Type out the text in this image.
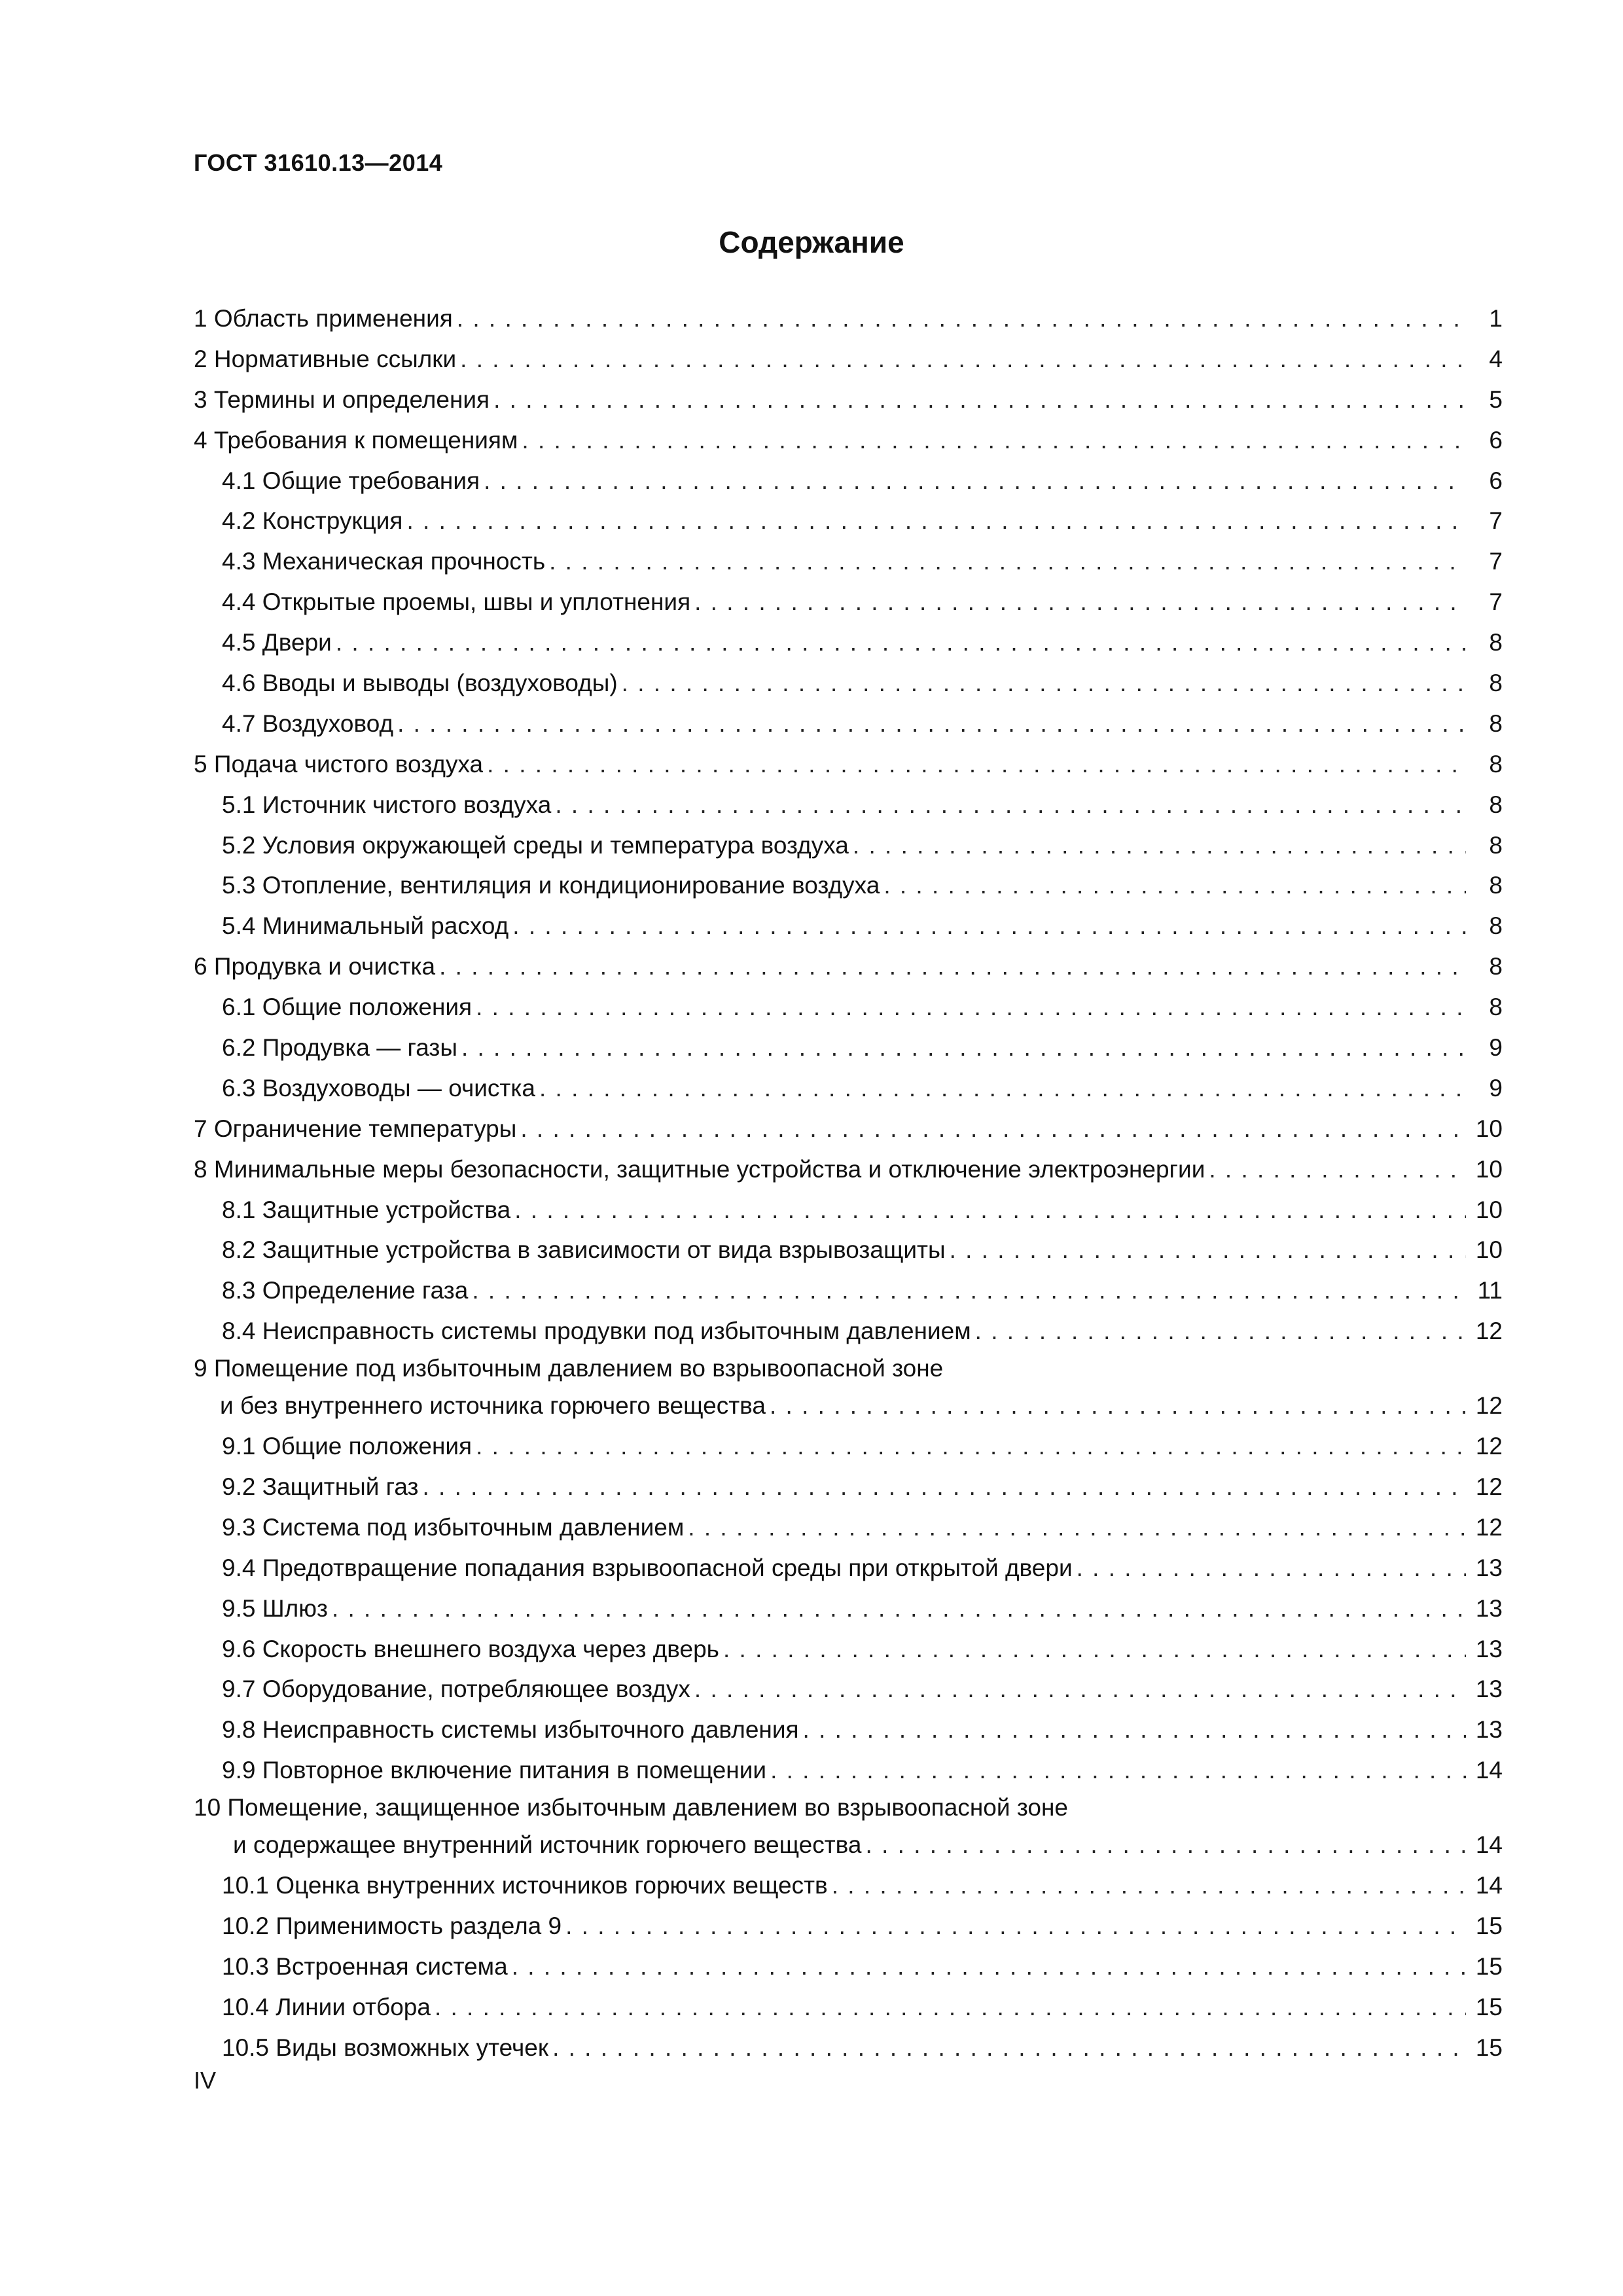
ГОСТ 31610.13—2014
Содержание
1 Область применения . . .	1
2 Нормативные ссылки . . .	4
3 Термины и определения . . .	5
4 Требования к помещениям . . .	6
4.1 Общие требования . . .	6
4.2 Конструкция . . .	7
4.3 Механическая прочность . . .	7
4.4 Открытые проемы, швы и уплотнения . . .	7
4.5 Двери . . .	8
4.6 Вводы и выводы (воздуховоды) . . .	8
4.7 Воздуховод . . .	8
5 Подача чистого воздуха . . .	8
5.1 Источник чистого воздуха . . .	8
5.2 Условия окружающей среды и температура воздуха . . .	8
5.3 Отопление, вентиляция и кондиционирование воздуха . . .	8
5.4 Минимальный расход . . .	8
6 Продувка и очистка . . .	8
6.1 Общие положения . . .	8
6.2 Продувка — газы . . .	9
6.3 Воздуховоды — очистка . . .	9
7 Ограничение температуры . . .	10
8 Минимальные меры безопасности, защитные устройства и отключение электроэнергии . . .	10
8.1 Защитные устройства . . .	10
8.2 Защитные устройства в зависимости от вида взрывозащиты . . .	10
8.3 Определение газа . . .	11
8.4 Неисправность системы продувки под избыточным давлением . . .	12
9 Помещение под избыточным давлением во взрывоопасной зоне
и без внутреннего источника горючего вещества . . .	12
9.1 Общие положения . . .	12
9.2 Защитный газ . . .	12
9.3 Система под избыточным давлением . . .	12
9.4 Предотвращение попадания взрывоопасной среды при открытой двери . . .	13
9.5 Шлюз . . .	13
9.6 Скорость внешнего воздуха через дверь . . .	13
9.7 Оборудование, потребляющее воздух . . .	13
9.8 Неисправность системы избыточного давления . . .	13
9.9 Повторное включение питания в помещении . . .	14
10 Помещение, защищенное избыточным давлением во взрывоопасной зоне
и содержащее внутренний источник горючего вещества . . .	14
10.1 Оценка внутренних источников горючих веществ . . .	14
10.2 Применимость раздела 9 . . .	15
10.3 Встроенная система . . .	15
10.4 Линии отбора . . .	15
10.5 Виды возможных утечек . . .	15
IV
